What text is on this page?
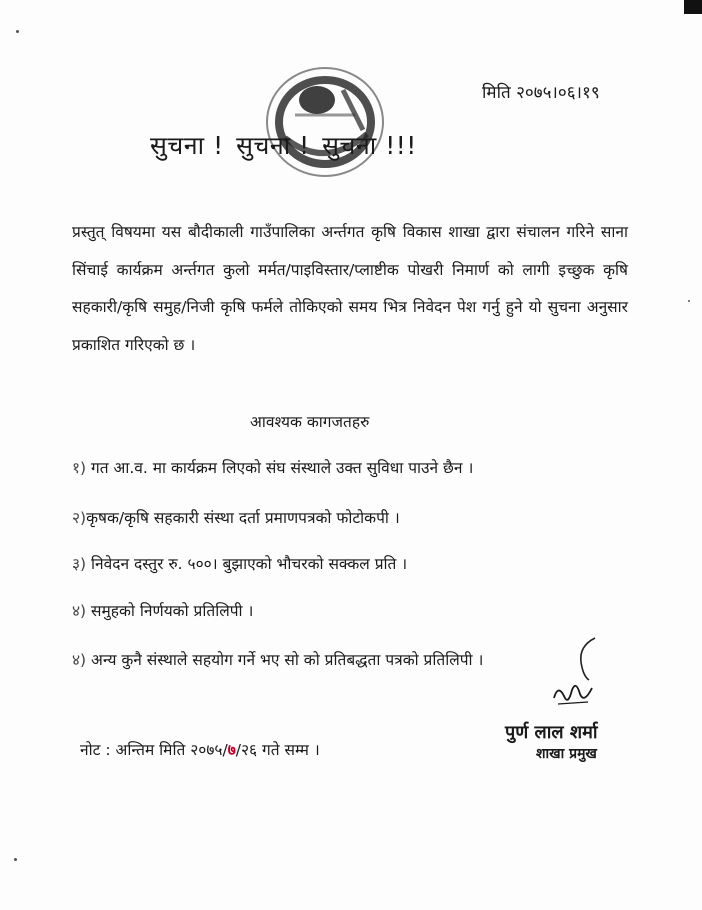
मिति २०७५।०६।१९
सुचना ! सुचना ! सुचना !!!

प्रस्तुत् विषयमा यस बौदीकाली गाउँपालिका अर्न्तगत कृषि विकास शाखा द्वारा संचालन गरिने साना सिंचाई कार्यक्रम अर्न्तगत कुलो मर्मत/पाइविस्तार/प्लाष्टीक पोखरी निमार्ण को लागी इच्छुक कृषि सहकारी/कृषि समुह/निजी कृषि फर्मले तोकिएको समय भित्र निवेदन पेश गर्नु हुने यो सुचना अनुसार प्रकाशित गरिएको छ ।

आवश्यक कागजतहरु
१) गत आ.व. मा कार्यक्रम लिएको संघ संस्थाले उक्त सुविधा पाउने छैन ।
२)कृषक/कृषि सहकारी संस्था दर्ता प्रमाणपत्रको फोटोकपी ।
३) निवेदन दस्तुर रु. ५००। बुझाएको भौचरको सक्कल प्रति ।
४) समुहको निर्णयको प्रतिलिपी ।
४) अन्य कुनै संस्थाले सहयोग गर्ने भए सो को प्रतिबद्धता पत्रको प्रतिलिपी ।
पुर्ण लाल शर्मा
शाखा प्रमुख
नोट : अन्तिम मिति २०७५/७/२६ गते सम्म ।
